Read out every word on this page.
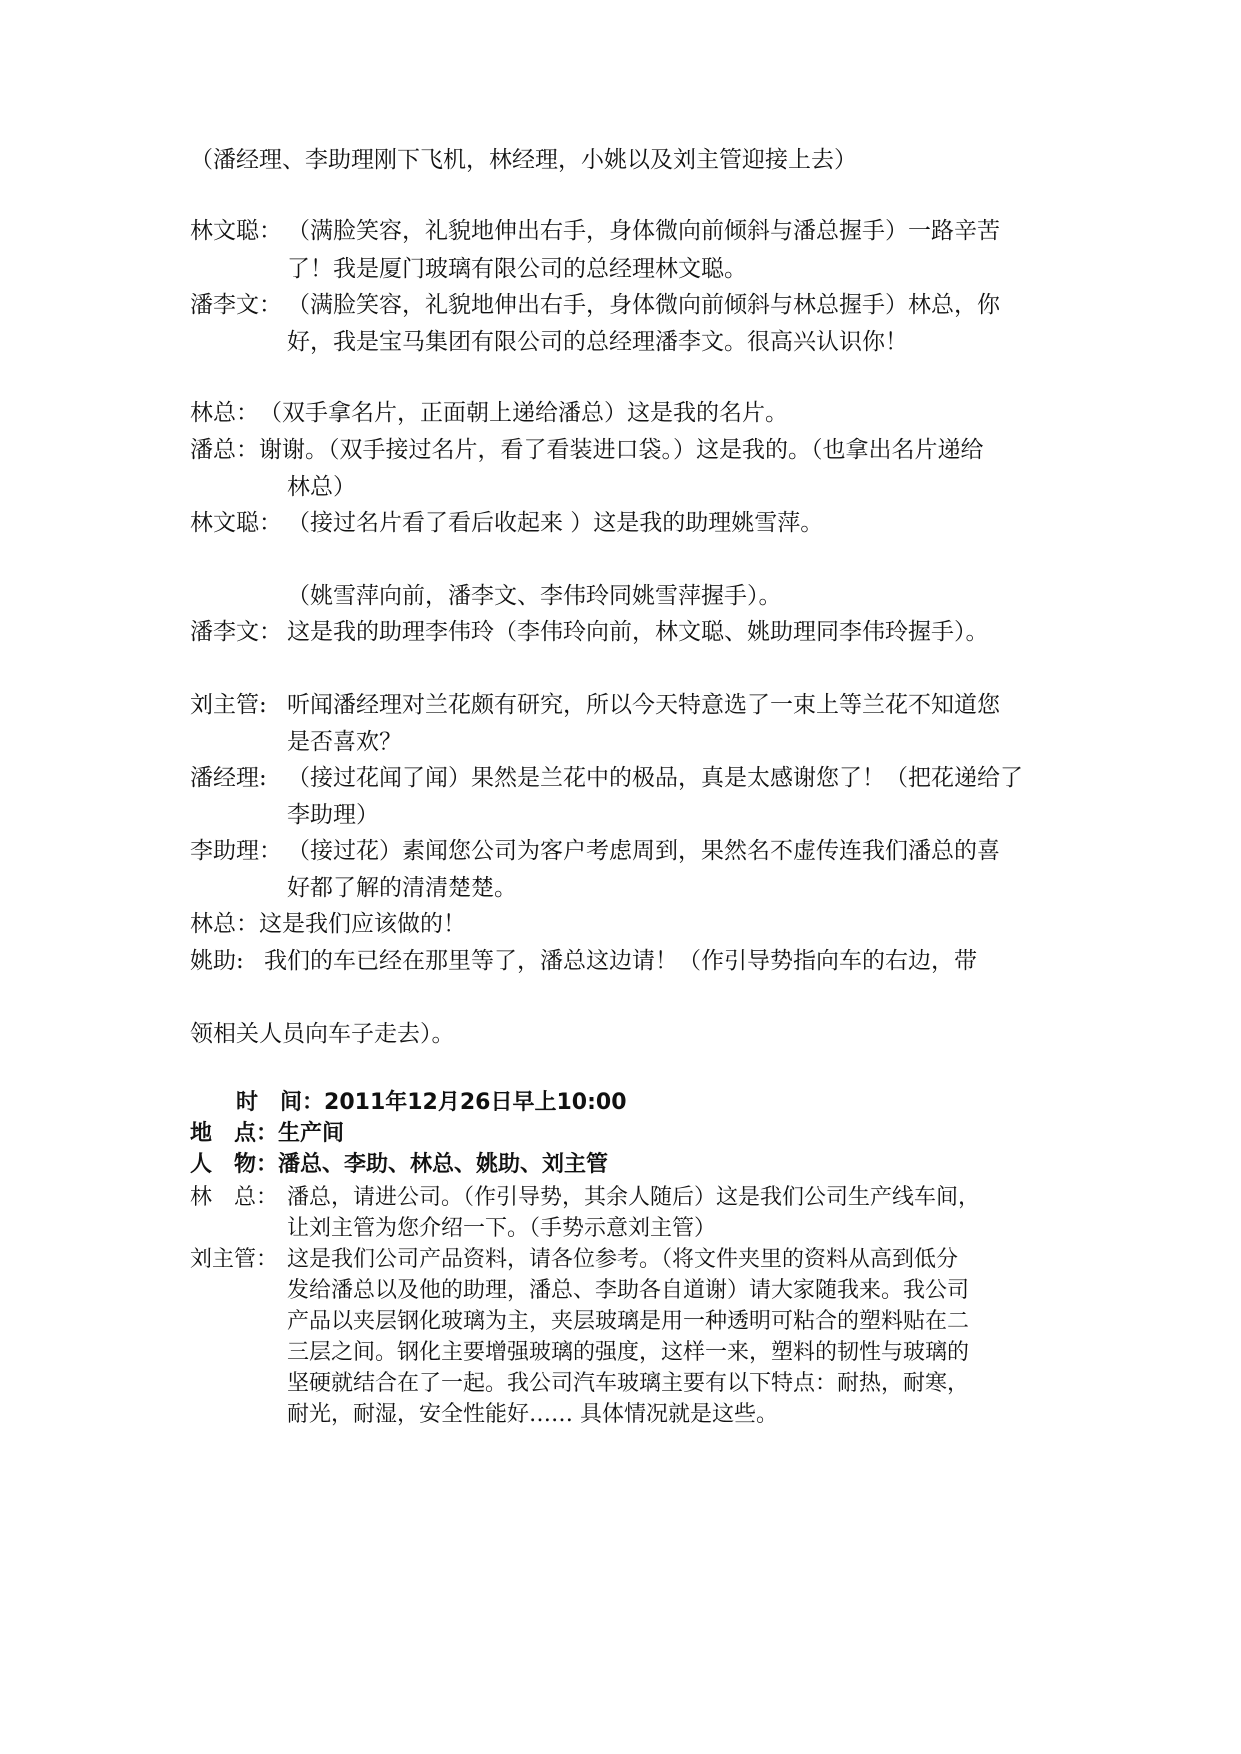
（潘经理、李助理刚下飞机，林经理，小姚以及刘主管迎接上去）
林文聪： （满脸笑容，礼貌地伸出右手，身体微向前倾斜与潘总握手）一路辛苦
了！我是厦门玻璃有限公司的总经理林文聪。
潘李文： （满脸笑容，礼貌地伸出右手，身体微向前倾斜与林总握手）林总，你
好，我是宝马集团有限公司的总经理潘李文。很高兴认识你！
林总：（双手拿名片，正面朝上递给潘总）这是我的名片。
潘总：谢谢。（双手接过名片，看了看装进口袋。）这是我的。（也拿出名片递给
林总）
林文聪： （接过名片看了看后收起来 ）这是我的助理姚雪萍。
（姚雪萍向前，潘李文、李伟玲同姚雪萍握手）。
潘李文： 这是我的助理李伟玲（李伟玲向前，林文聪、姚助理同李伟玲握手）。
刘主管: 听闻潘经理对兰花颇有研究，所以今天特意选了一束上等兰花不知道您
是否喜欢？
潘经理: （接过花闻了闻）果然是兰花中的极品，真是太感谢您了！（把花递给了
李助理）
李助理： （接过花）素闻您公司为客户考虑周到，果然名不虚传连我们潘总的喜
好都了解的清清楚楚。
林总：这是我们应该做的！
姚助: 我们的车已经在那里等了，潘总这边请！（作引导势指向车的右边，带
领相关人员向车子走去）。
时　间：2011年12月26日早上10:00
地　点：生产间
人　物：潘总、李助、林总、姚助、刘主管
林　总： 潘总，请进公司。（作引导势，其余人随后）这是我们公司生产线车间，
让刘主管为您介绍一下。（手势示意刘主管）
刘主管： 这是我们公司产品资料，请各位参考。（将文件夹里的资料从高到低分
发给潘总以及他的助理，潘总、李助各自道谢）请大家随我来。我公司
产品以夹层钢化玻璃为主，夹层玻璃是用一种透明可粘合的塑料贴在二
三层之间。钢化主要增强玻璃的强度，这样一来，塑料的韧性与玻璃的
坚硬就结合在了一起。我公司汽车玻璃主要有以下特点：耐热，耐寒，
耐光，耐湿，安全性能好…… 具体情况就是这些。
